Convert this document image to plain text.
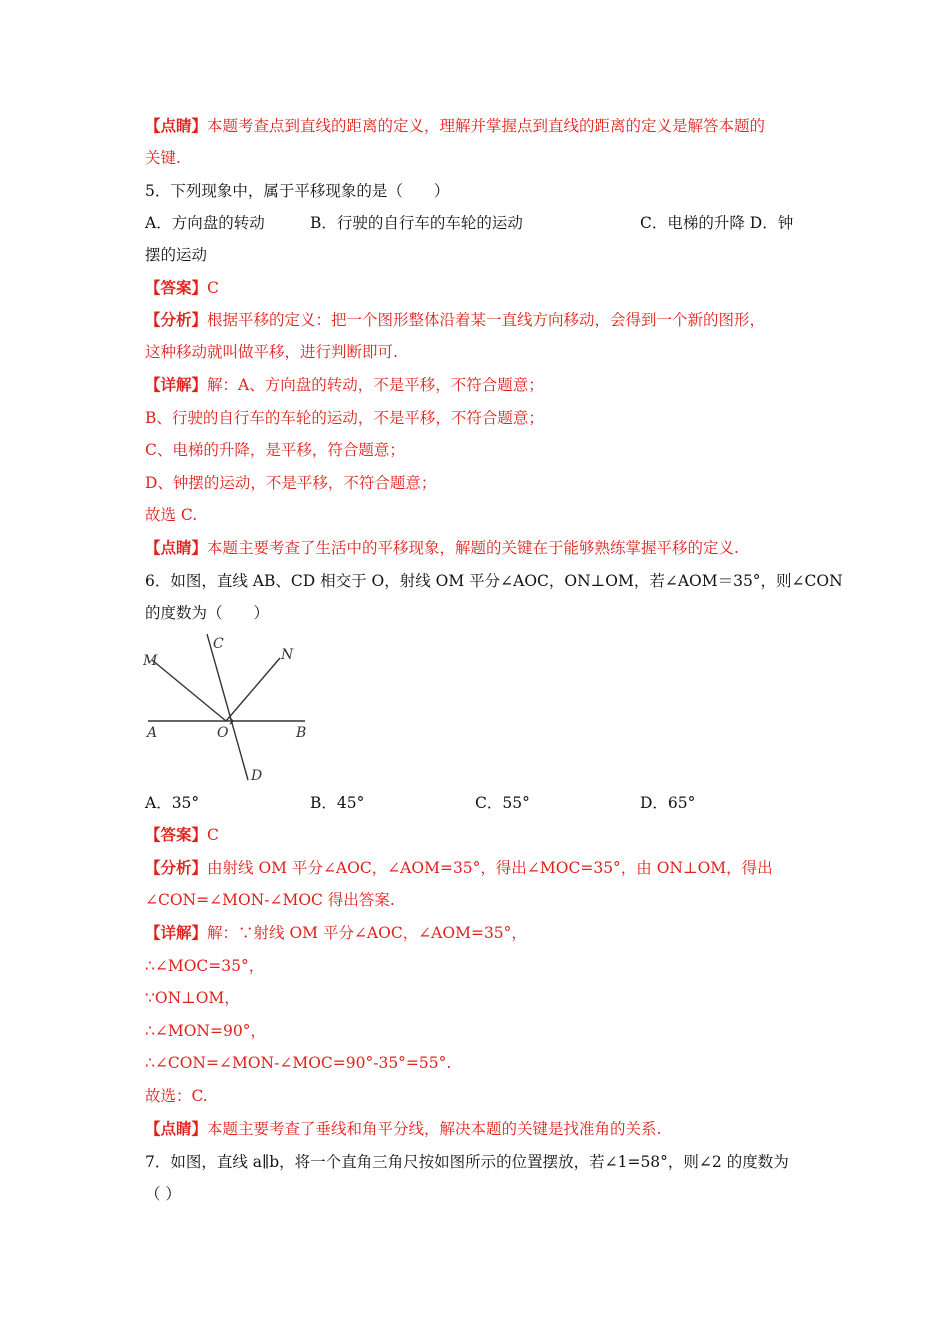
【点睛】本题考查点到直线的距离的定义，理解并掌握点到直线的距离的定义是解答本题的
关键.
5．下列现象中，属于平移现象的是（　　）
A．方向盘的转动	B．行驶的自行车的车轮的运动	C．电梯的升降 D．钟
摆的运动
【答案】C
【分析】根据平移的定义：把一个图形整体沿着某一直线方向移动，会得到一个新的图形，
这种移动就叫做平移，进行判断即可.
【详解】解：A、方向盘的转动，不是平移，不符合题意；
B、行驶的自行车的车轮的运动，不是平移，不符合题意；
C、电梯的升降，是平移，符合题意；
D、钟摆的运动，不是平移，不符合题意；
故选 C.
【点睛】本题主要考查了生活中的平移现象，解题的关键在于能够熟练掌握平移的定义.
6．如图，直线 AB、CD 相交于 O，射线 OM 平分∠AOC，ON⊥OM，若∠AOM＝35°，则∠CON
的度数为（　　）
M
C
N
A	O	B
D
A．35°	B．45°	C．55°	D．65°
【答案】C
【分析】由射线 OM 平分∠AOC，∠AOM=35°，得出∠MOC=35°，由 ON⊥OM，得出
∠CON=∠MON-∠MOC 得出答案.
【详解】解：∵射线 OM 平分∠AOC，∠AOM=35°，
∴∠MOC=35°，
∵ON⊥OM，
∴∠MON=90°，
∴∠CON=∠MON-∠MOC=90°-35°=55°.
故选：C.
【点睛】本题主要考查了垂线和角平分线，解决本题的关键是找准角的关系.
7．如图，直线 a∥b，将一个直角三角尺按如图所示的位置摆放，若∠1=58°，则∠2 的度数为
（ ）
